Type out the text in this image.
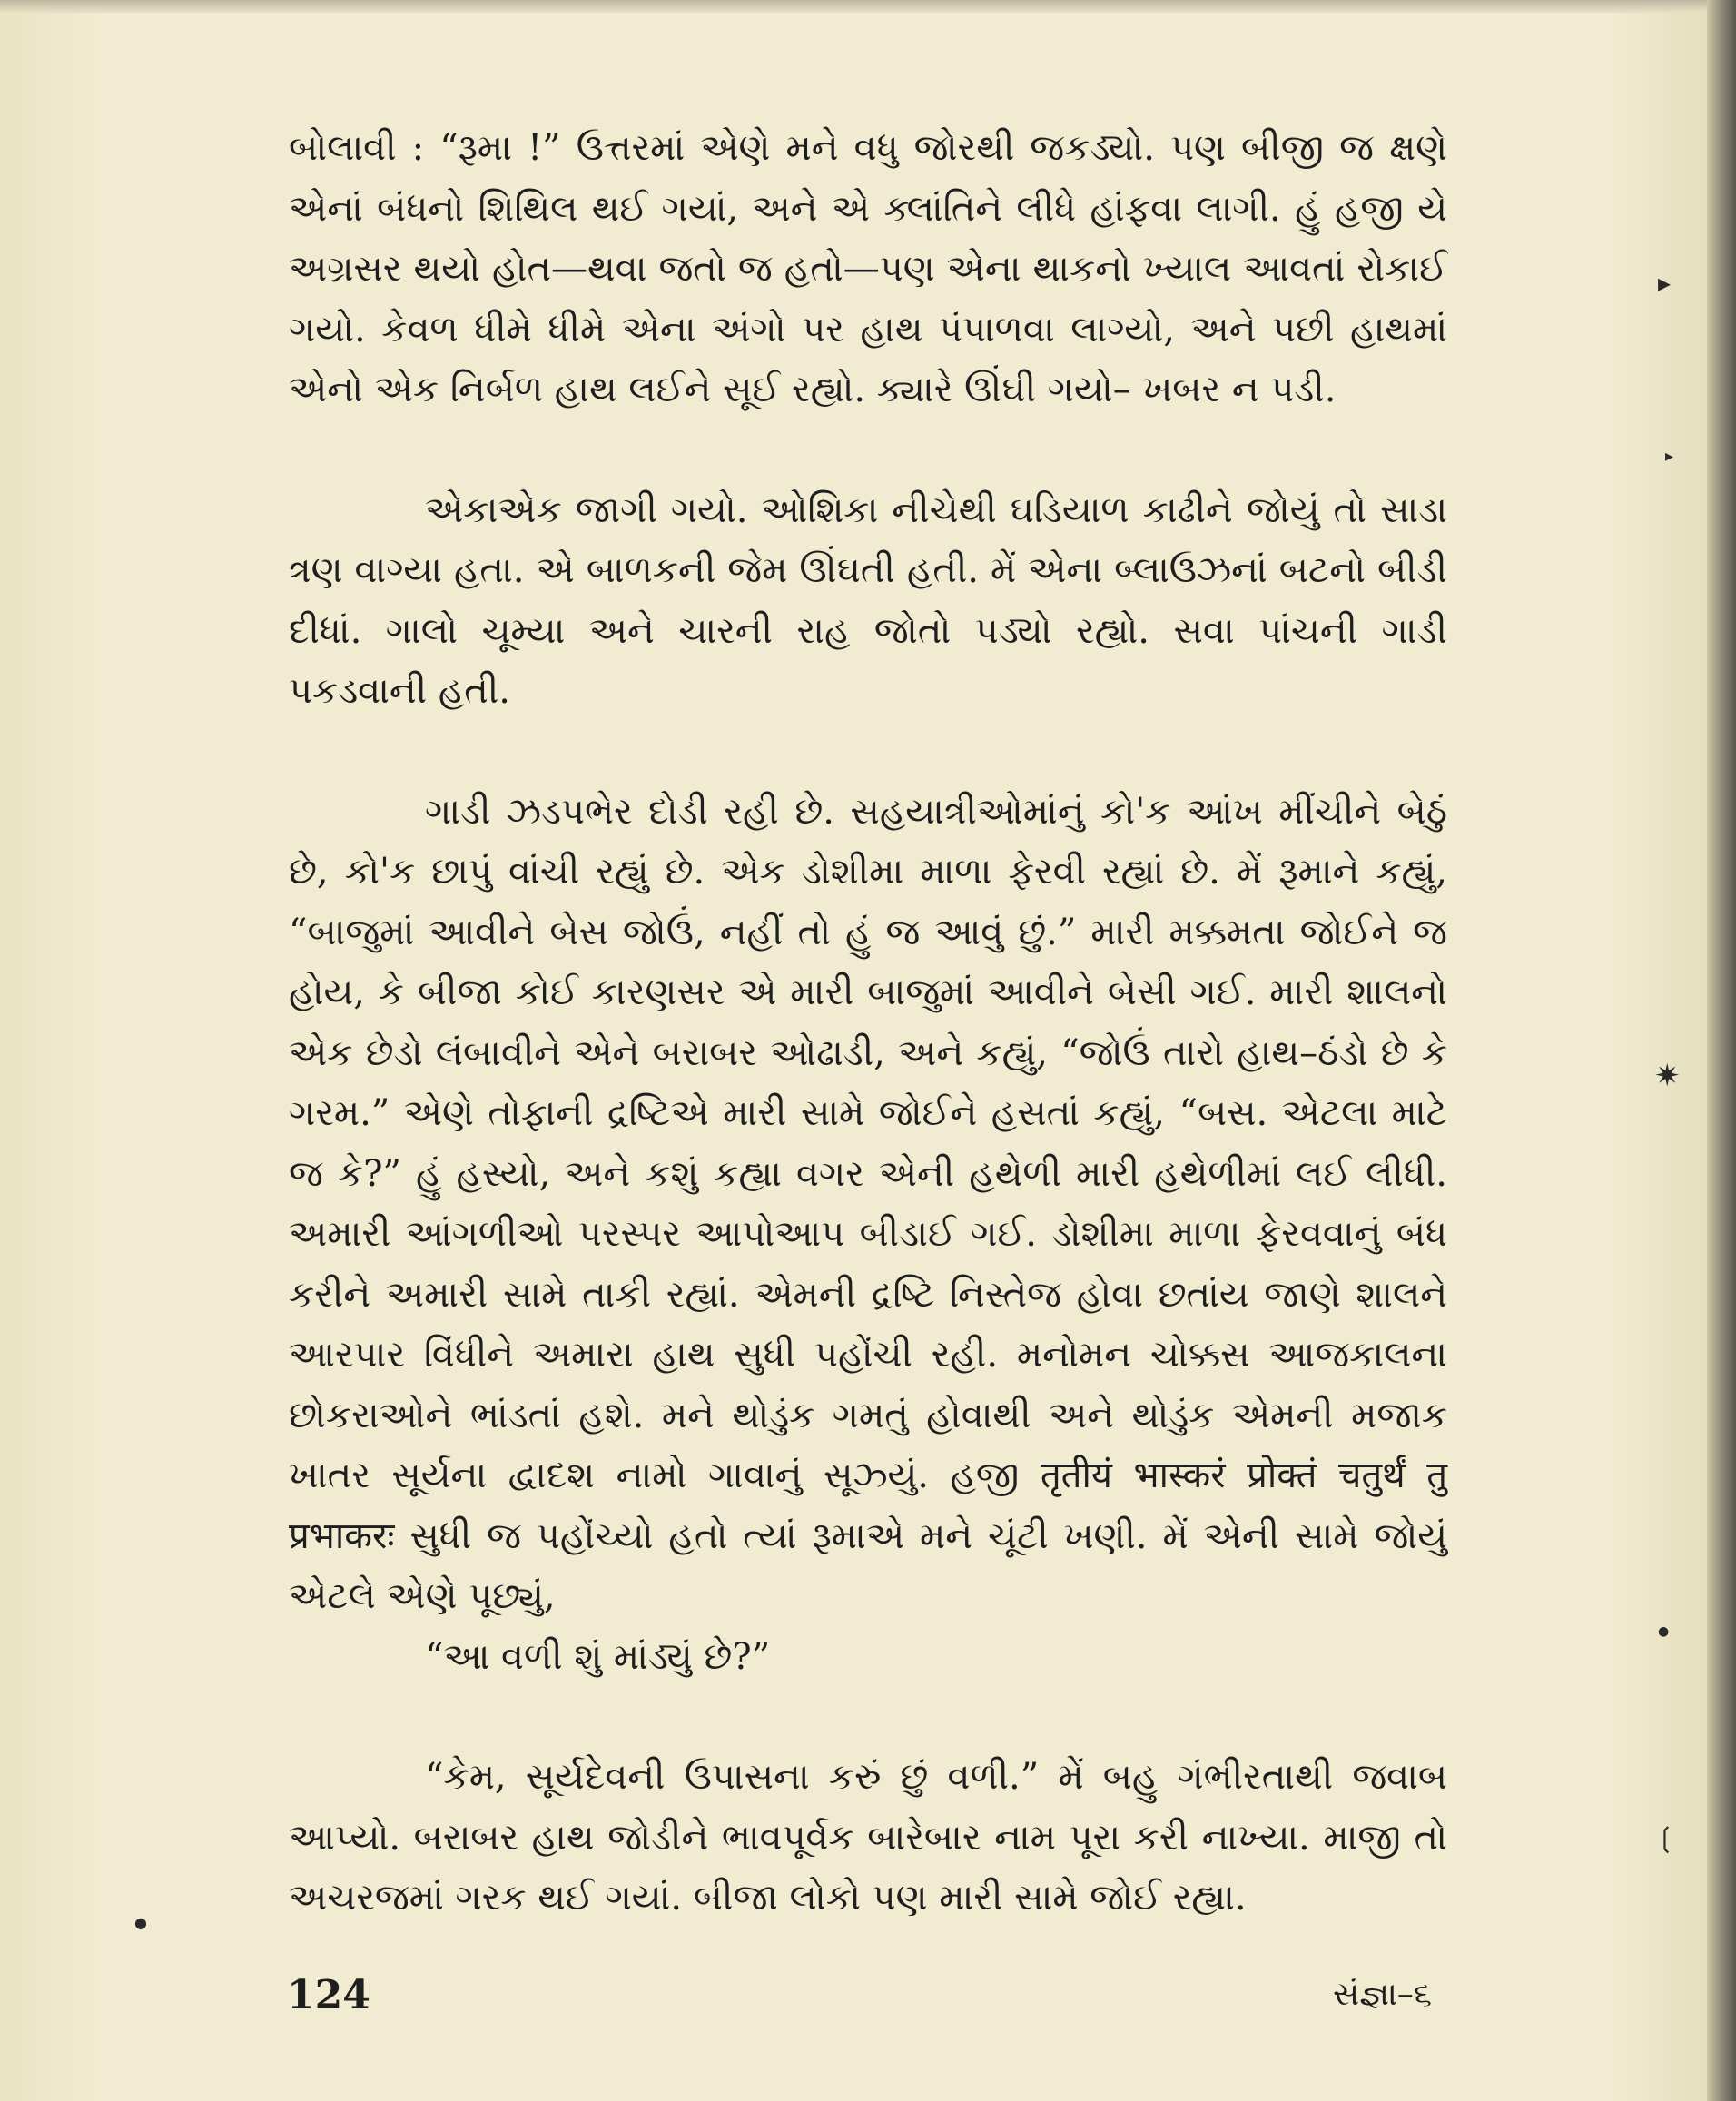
બોલાવી : “રૂમા !” ઉત્તરમાં એણે મને વધુ જોરથી જકડ્યો. પણ બીજી જ ક્ષણે એનાં બંધનો શિથિલ થઈ ગયાં, અને એ ક્લાંતિને લીધે હાંફવા લાગી. હું હજી યે અગ્રસર થયો હોત—થવા જતો જ હતો—પણ એના થાકનો ખ્યાલ આવતાં રોકાઈ ગયો. કેવળ ધીમે ધીમે એના અંગો પર હાથ પંપાળવા લાગ્યો, અને પછી હાથમાં એનો એક નિર્બળ હાથ લઈને સૂઈ રહ્યો. ક્યારે ઊંઘી ગયો– ખબર ન પડી.

એકાએક જાગી ગયો. ઓશિકા નીચેથી ઘડિયાળ કાઢીને જોયું તો સાડા ત્રણ વાગ્યા હતા. એ બાળકની જેમ ઊંઘતી હતી. મેં એના બ્લાઉઝનાં બટનો બીડી દીધાં. ગાલો ચૂમ્યા અને ચારની રાહ જોતો પડ્યો રહ્યો. સવા પાંચની ગાડી પકડવાની હતી.

ગાડી ઝડપભેર દોડી રહી છે. સહયાત્રીઓમાંનું કો'ક આંખ મીંચીને બેઠું છે, કો'ક છાપું વાંચી રહ્યું છે. એક ડોશીમા માળા ફેરવી રહ્યાં છે. મેં રૂમાને કહ્યું, “બાજુમાં આવીને બેસ જોઉં, નહીં તો હું જ આવું છું.” મારી મક્કમતા જોઈને જ હોય, કે બીજા કોઈ કારણસર એ મારી બાજુમાં આવીને બેસી ગઈ. મારી શાલનો એક છેડો લંબાવીને એને બરાબર ઓઢાડી, અને કહ્યું, “જોઉં તારો હાથ–ઠંડો છે કે ગરમ.” એણે તોફાની દ્રષ્ટિએ મારી સામે જોઈને હસતાં કહ્યું, “બસ. એટલા માટે જ કે?” હું હસ્યો, અને કશું કહ્યા વગર એની હથેળી મારી હથેળીમાં લઈ લીધી. અમારી આંગળીઓ પરસ્પર આપોઆપ બીડાઈ ગઈ. ડોશીમા માળા ફેરવવાનું બંધ કરીને અમારી સામે તાકી રહ્યાં. એમની દ્રષ્ટિ નિસ્તેજ હોવા છતાંય જાણે શાલને આરપાર વિંધીને અમારા હાથ સુધી પહોંચી રહી. મનોમન ચોક્કસ આજકાલના છોકરાઓને ભાંડતાં હશે. મને થોડુંક ગમતું હોવાથી અને થોડુંક એમની મજાક ખાતર સૂર્યના દ્વાદશ નામો ગાવાનું સૂઝ્યું. હજી तृतीयं भास्करं प्रोक्तं चतुर्थं तु प्रभाकरः સુધી જ પહોંચ્યો હતો ત્યાં રૂમાએ મને ચૂંટી ખણી. મેં એની સામે જોયું એટલે એણે પૂછ્યું,

“આ વળી શું માંડ્યું છે?”

“કેમ, સૂર્યદેવની ઉપાસના કરું છું વળી.” મેં બહુ ગંભીરતાથી જવાબ આપ્યો. બરાબર હાથ જોડીને ભાવપૂર્વક બારેબાર નામ પૂરા કરી નાખ્યા. માજી તો અચરજમાં ગરક થઈ ગયાં. બીજા લોકો પણ મારી સામે જોઈ રહ્યા.

124	સંજ્ઞા–૬
▸
▸
✷
●
❲
●
